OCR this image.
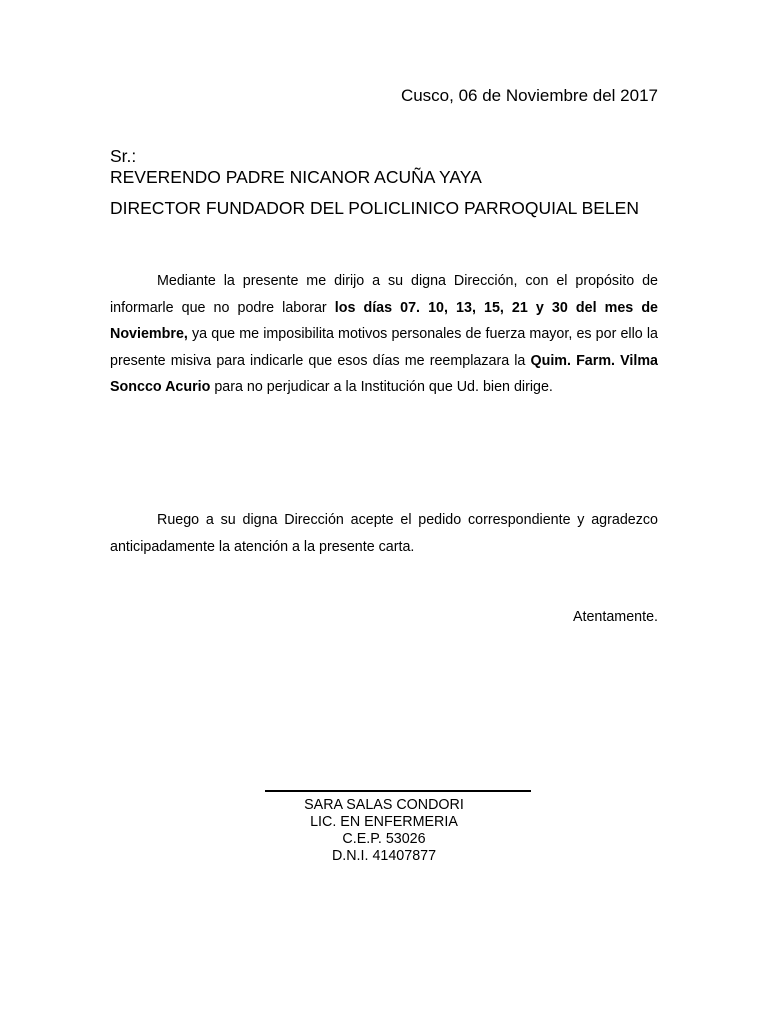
Cusco, 06 de Noviembre del 2017
Sr.:
REVERENDO PADRE NICANOR ACUÑA YAYA
DIRECTOR FUNDADOR DEL POLICLINICO PARROQUIAL BELEN

Mediante la presente me dirijo a su digna Dirección, con el propósito de informarle que no podre laborar los días 07. 10, 13, 15, 21 y 30 del mes de Noviembre, ya que me imposibilita motivos personales de fuerza mayor, es por ello la presente misiva para indicarle que esos días me reemplazara la Quim. Farm. Vilma Soncco Acurio para no perjudicar a la Institución que Ud. bien dirige.

Ruego a su digna Dirección acepte el pedido correspondiente y agradezco anticipadamente la atención a la presente carta.

Atentamente.
SARA SALAS CONDORI
LIC. EN ENFERMERIA
C.E.P. 53026
D.N.I. 41407877
